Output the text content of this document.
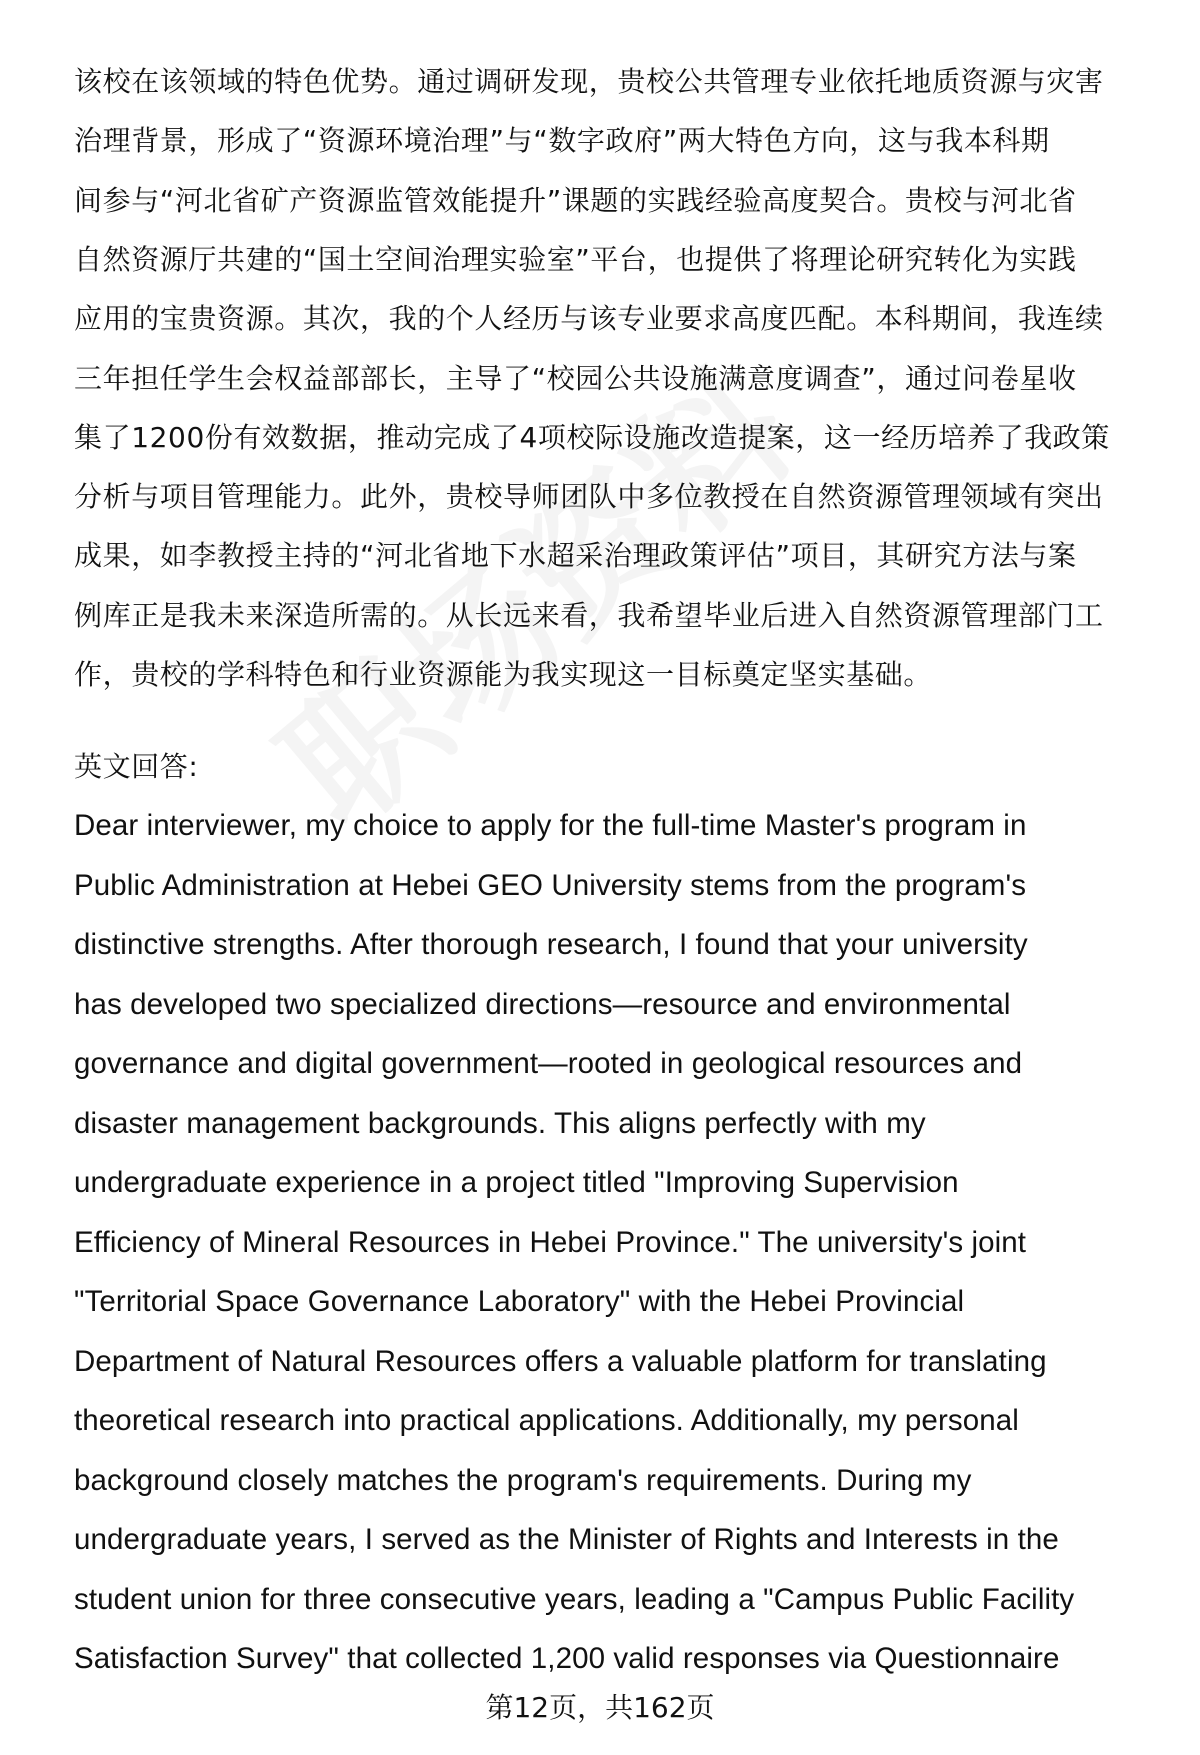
该校在该领域的特色优势。通过调研发现，贵校公共管理专业依托地质资源与灾害
治理背景，形成了“资源环境治理”与“数字政府”两大特色方向，这与我本科期
间参与“河北省矿产资源监管效能提升”课题的实践经验高度契合。贵校与河北省
自然资源厅共建的“国土空间治理实验室”平台，也提供了将理论研究转化为实践
应用的宝贵资源。其次，我的个人经历与该专业要求高度匹配。本科期间，我连续
三年担任学生会权益部部长，主导了“校园公共设施满意度调查”，通过问卷星收
集了1200份有效数据，推动完成了4项校际设施改造提案，这一经历培养了我政策
分析与项目管理能力。此外，贵校导师团队中多位教授在自然资源管理领域有突出
成果，如李教授主持的“河北省地下水超采治理政策评估”项目，其研究方法与案
例库正是我未来深造所需的。从长远来看，我希望毕业后进入自然资源管理部门工
作，贵校的学科特色和行业资源能为我实现这一目标奠定坚实基础。
英文回答:
Dear interviewer, my choice to apply for the full-time Master's program in
Public Administration at Hebei GEO University stems from the program's
distinctive strengths. After thorough research, I found that your university
has developed two specialized directions—resource and environmental
governance and digital government—rooted in geological resources and
disaster management backgrounds. This aligns perfectly with my
undergraduate experience in a project titled "Improving Supervision
Efficiency of Mineral Resources in Hebei Province." The university's joint
"Territorial Space Governance Laboratory" with the Hebei Provincial
Department of Natural Resources offers a valuable platform for translating
theoretical research into practical applications. Additionally, my personal
background closely matches the program's requirements. During my
undergraduate years, I served as the Minister of Rights and Interests in the
student union for three consecutive years, leading a "Campus Public Facility
Satisfaction Survey" that collected 1,200 valid responses via Questionnaire
第12页，共162页
